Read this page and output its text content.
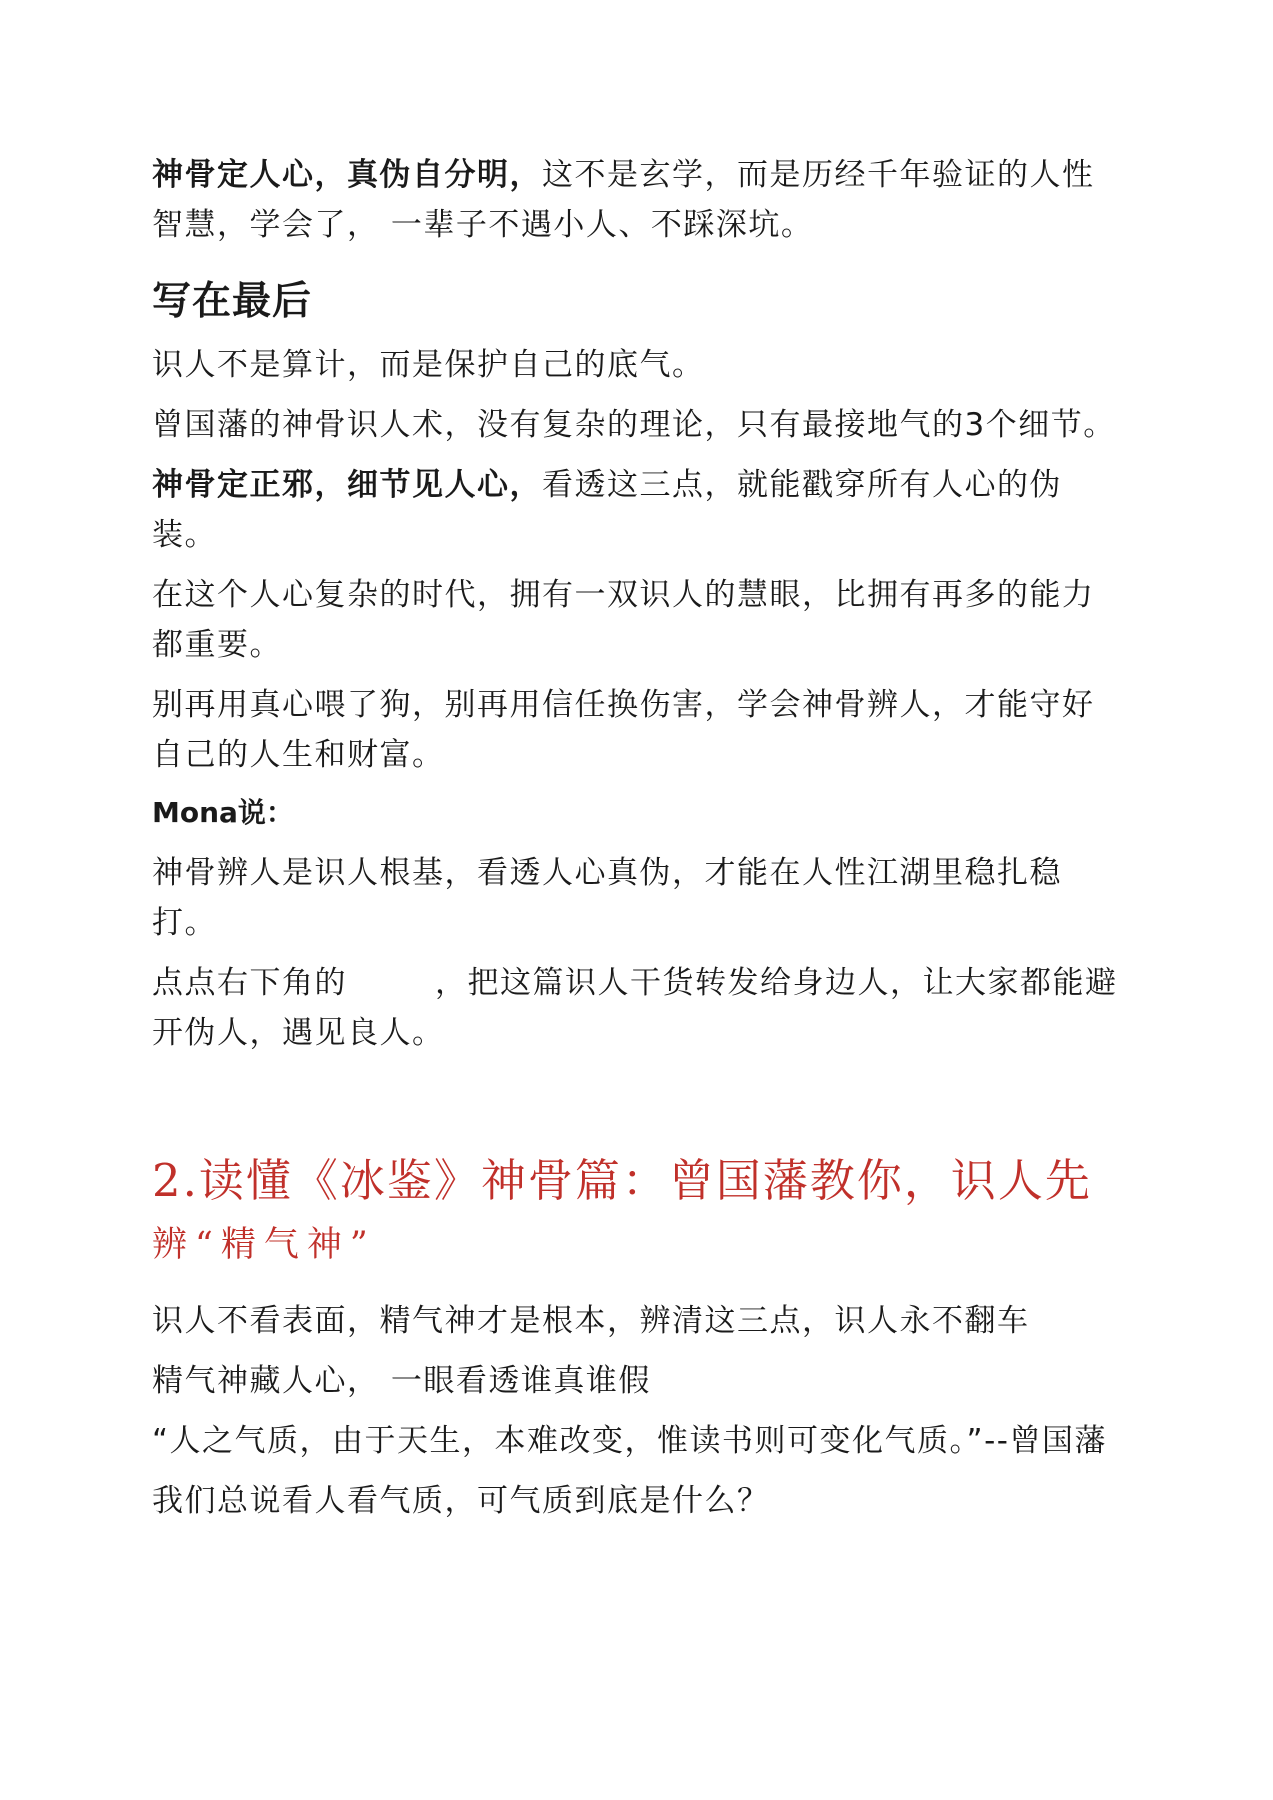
神骨定人心，真伪自分明，这不是玄学，而是历经千年验证的人性智慧，学会了， 一辈子不遇小人、不踩深坑。

写在最后

识人不是算计，而是保护自己的底气。

曾国藩的神骨识人术，没有复杂的理论，只有最接地气的3个细节。

神骨定正邪，细节见人心，看透这三点，就能戳穿所有人心的伪装。

在这个人心复杂的时代，拥有一双识人的慧眼，比拥有再多的能力都重要。

别再用真心喂了狗，别再用信任换伤害，学会神骨辨人，才能守好自己的人生和财富。

Mona说：

神骨辨人是识人根基，看透人心真伪，才能在人性江湖里稳扎稳打。

点点右下角的	，把这篇识人干货转发给身边人，让大家都能避开伪人，遇见良人。

2.读懂《冰鉴》神骨篇：曾国藩教你，识人先
辨“精气神”

识人不看表面，精气神才是根本，辨清这三点，识人永不翻车

精气神藏人心， 一眼看透谁真谁假

“人之气质，由于天生，本难改变，惟读书则可变化气质。”--曾国藩

我们总说看人看气质，可气质到底是什么？
